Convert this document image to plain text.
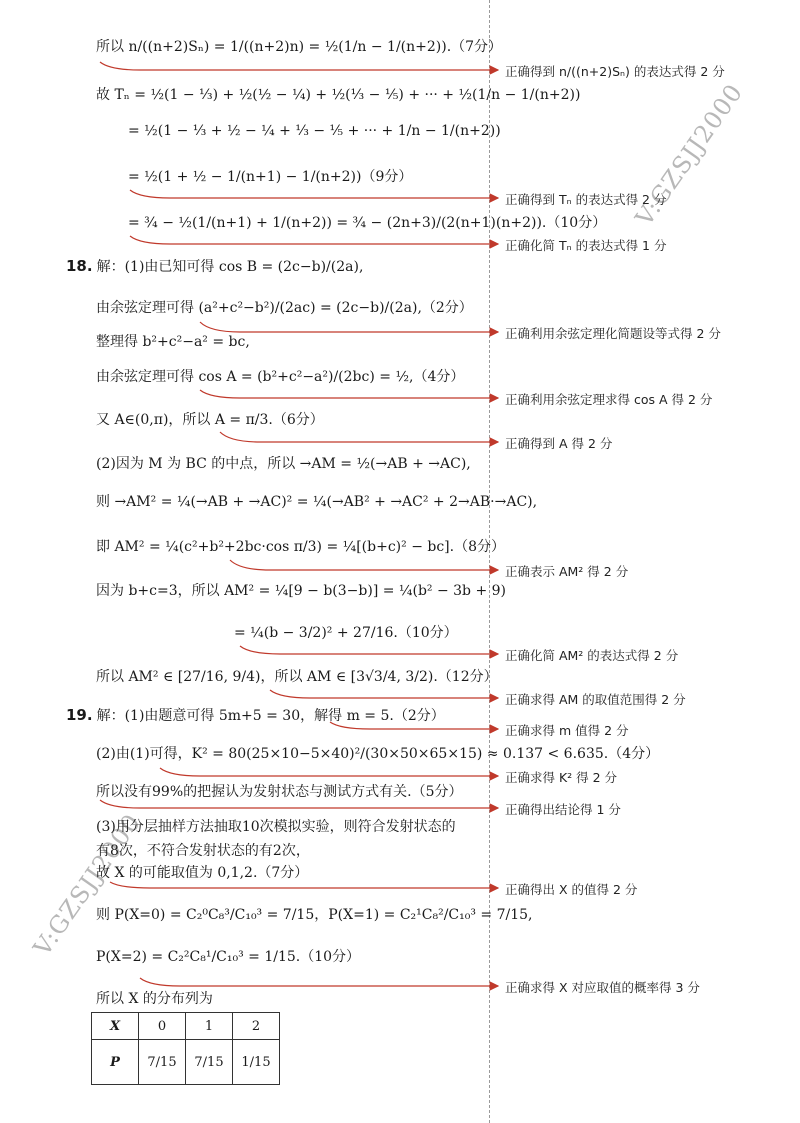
V:GZSJJ2000
V:GZSJJ2000
所以 n/((n+2)Sₙ) = 1/((n+2)n) = ½(1/n − 1/(n+2)).（7分）
故 Tₙ = ½(1 − ⅓) + ½(½ − ¼) + ½(⅓ − ⅕) + ··· + ½(1/n − 1/(n+2))
= ½(1 − ⅓ + ½ − ¼ + ⅓ − ⅕ + ··· + 1/n − 1/(n+2))
= ½(1 + ½ − 1/(n+1) − 1/(n+2))（9分）
= ¾ − ½(1/(n+1) + 1/(n+2)) = ¾ − (2n+3)/(2(n+1)(n+2)).（10分）
18. 解：(1)由已知可得 cos B = (2c−b)/(2a),
由余弦定理可得 (a²+c²−b²)/(2ac) = (2c−b)/(2a),（2分）
整理得 b²+c²−a² = bc,
由余弦定理可得 cos A = (b²+c²−a²)/(2bc) = ½,（4分）
又 A∈(0,π)，所以 A = π/3.（6分）
(2)因为 M 为 BC 的中点，所以 →AM = ½(→AB + →AC),
则 →AM² = ¼(→AB + →AC)² = ¼(→AB² + →AC² + 2→AB·→AC),
即 AM² = ¼(c²+b²+2bc·cos π/3) = ¼[(b+c)² − bc].（8分）
因为 b+c=3，所以 AM² = ¼[9 − b(3−b)] = ¼(b² − 3b + 9)
= ¼(b − 3/2)² + 27/16.（10分）
所以 AM² ∈ [27/16, 9/4)，所以 AM ∈ [3√3/4, 3/2).（12分）
19. 解：(1)由题意可得 5m+5 = 30，解得 m = 5.（2分）
(2)由(1)可得，K² = 80(25×10−5×40)²/(30×50×65×15) ≈ 0.137 < 6.635.（4分）
所以没有99%的把握认为发射状态与测试方式有关.（5分）
(3)用分层抽样方法抽取10次模拟实验，则符合发射状态的
有8次，不符合发射状态的有2次，
故 X 的可能取值为 0,1,2.（7分）
则 P(X=0) = C₂⁰C₈³/C₁₀³ = 7/15，P(X=1) = C₂¹C₈²/C₁₀³ = 7/15,
P(X=2) = C₂²C₈¹/C₁₀³ = 1/15.（10分）
所以 X 的分布列为
X	0	1	2
P	7/15	7/15	1/15
正确得到 n/((n+2)Sₙ) 的表达式得 2 分
正确得到 Tₙ 的表达式得 2 分
正确化简 Tₙ 的表达式得 1 分
正确利用余弦定理化简题设等式得 2 分
正确利用余弦定理求得 cos A 得 2 分
正确得到 A 得 2 分
正确表示 AM² 得 2 分
正确化简 AM² 的表达式得 2 分
正确求得 AM 的取值范围得 2 分
正确求得 m 值得 2 分
正确求得 K² 得 2 分
正确得出结论得 1 分
正确得出 X 的值得 2 分
正确求得 X 对应取值的概率得 3 分
